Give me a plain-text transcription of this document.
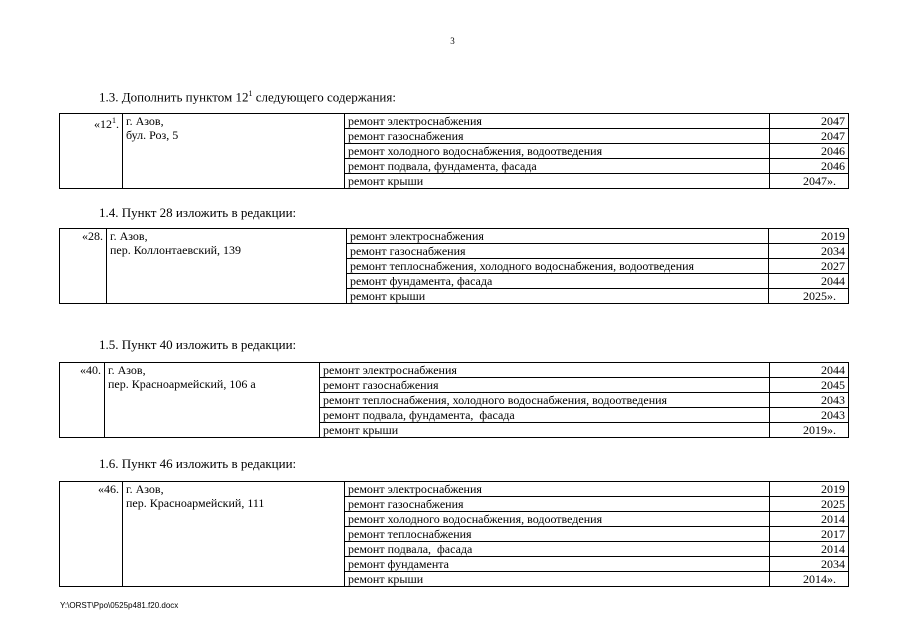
3
1.3. Дополнить пунктом $12^1$ следующего содержания:
«$12^1$.	г. Азов,
бул. Роз, 5	ремонт электроснабжения	2047
		ремонт газоснабжения	2047
		ремонт холодного водоснабжения, водоотведения	2046
		ремонт подвала, фундамента, фасада	2046
		ремонт крыши	2047».
1.4. Пункт 28 изложить в редакции:
«28.	г. Азов,
пер. Коллонтаевский, 139	ремонт электроснабжения	2019
		ремонт газоснабжения	2034
		ремонт теплоснабжения, холодного водоснабжения, водоотведения	2027
		ремонт фундамента, фасада	2044
		ремонт крыши	2025».
1.5. Пункт 40 изложить в редакции:
«40.	г. Азов,
пер. Красноармейский, 106 а	ремонт электроснабжения	2044
		ремонт газоснабжения	2045
		ремонт теплоснабжения, холодного водоснабжения, водоотведения	2043
		ремонт подвала, фундамента,  фасада	2043
		ремонт крыши	2019».
1.6. Пункт 46 изложить в редакции:
«46.	г. Азов,
пер. Красноармейский, 111	ремонт электроснабжения	2019
		ремонт газоснабжения	2025
		ремонт холодного водоснабжения, водоотведения	2014
		ремонт теплоснабжения	2017
		ремонт подвала,  фасада	2014
		ремонт фундамента	2034
		ремонт крыши	2014».
Y:\ORST\Ppo\0525p481.f20.docx
